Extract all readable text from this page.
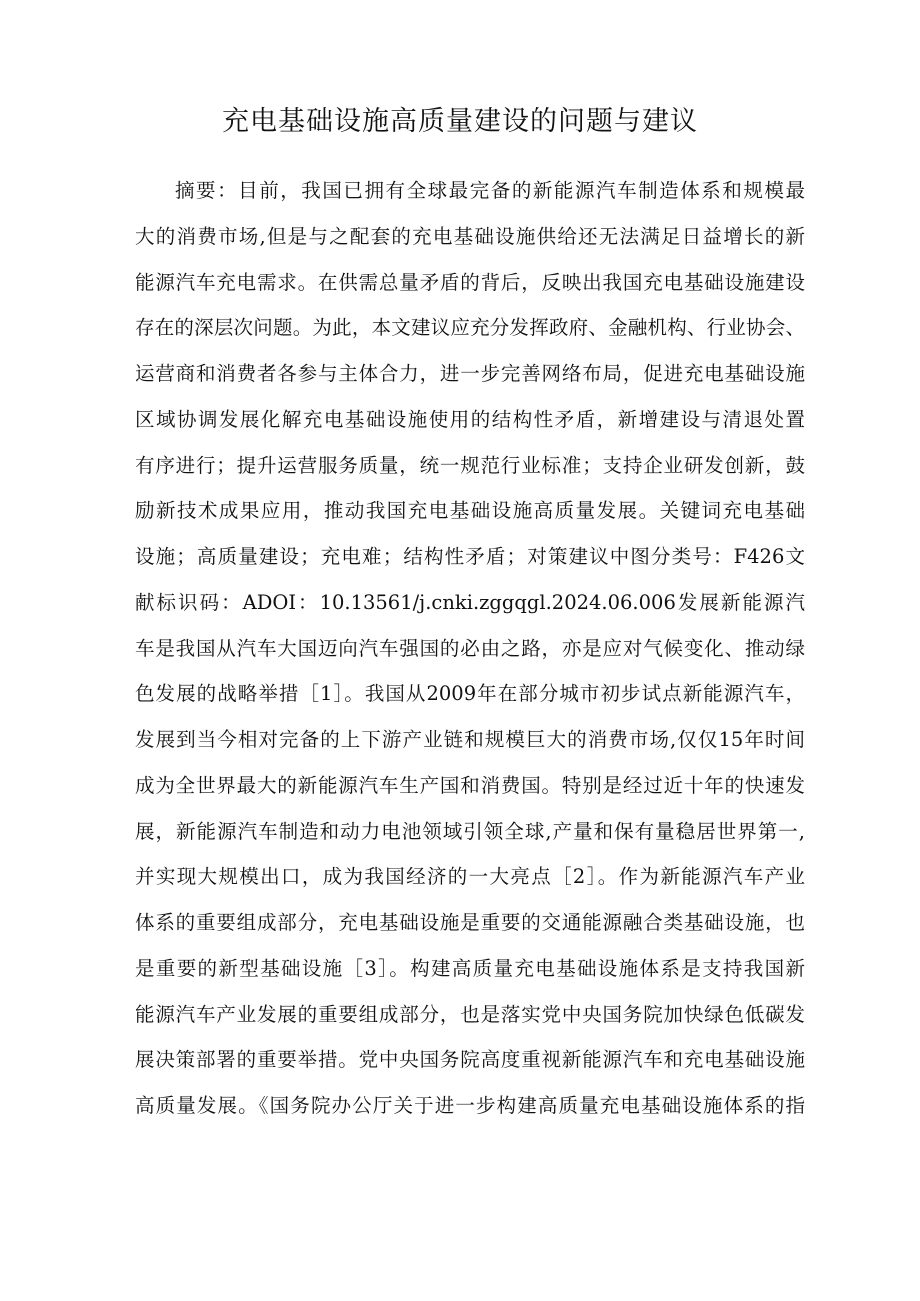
充电基础设施高质量建设的问题与建议
摘要：目前，我国已拥有全球最完备的新能源汽车制造体系和规模最
大的消费市场,但是与之配套的充电基础设施供给还无法满足日益增长的新
能源汽车充电需求。在供需总量矛盾的背后，反映出我国充电基础设施建设
存在的深层次问题。为此，本文建议应充分发挥政府、金融机构、行业协会、
运营商和消费者各参与主体合力，进一步完善网络布局，促进充电基础设施
区域协调发展化解充电基础设施使用的结构性矛盾，新增建设与清退处置
有序进行；提升运营服务质量，统一规范行业标准；支持企业研发创新，鼓
励新技术成果应用，推动我国充电基础设施高质量发展。关键词充电基础
设施；高质量建设；充电难；结构性矛盾；对策建议中图分类号：F426文
献标识码：ADOI：10.13561/j.cnki.zggqgl.2024.06.006发展新能源汽
车是我国从汽车大国迈向汽车强国的必由之路，亦是应对气候变化、推动绿
色发展的战略举措［1］。我国从2009年在部分城市初步试点新能源汽车，
发展到当今相对完备的上下游产业链和规模巨大的消费市场,仅仅15年时间
成为全世界最大的新能源汽车生产国和消费国。特别是经过近十年的快速发
展，新能源汽车制造和动力电池领域引领全球,产量和保有量稳居世界第一,
并实现大规模出口，成为我国经济的一大亮点［2］。作为新能源汽车产业
体系的重要组成部分，充电基础设施是重要的交通能源融合类基础设施，也
是重要的新型基础设施［3］。构建高质量充电基础设施体系是支持我国新
能源汽车产业发展的重要组成部分，也是落实党中央国务院加快绿色低碳发
展决策部署的重要举措。党中央国务院高度重视新能源汽车和充电基础设施
高质量发展。《国务院办公厅关于进一步构建高质量充电基础设施体系的指
